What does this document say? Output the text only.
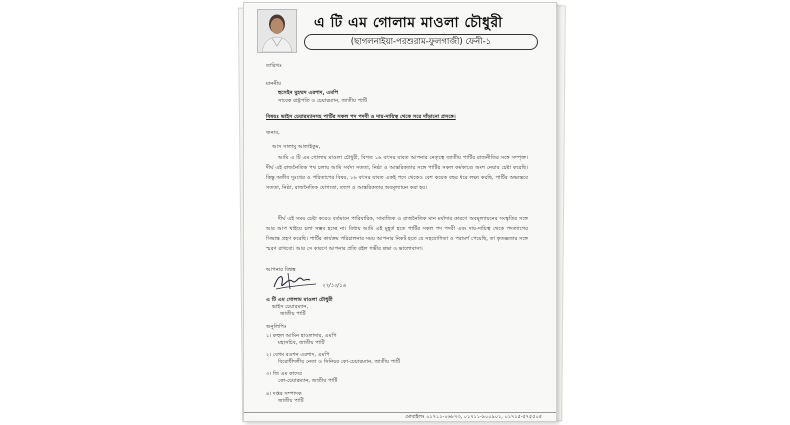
এ টি এম গোলাম মাওলা চৌধুরী
(ছাগলনাইয়া-পরশুরাম-ফুলগাজী) ফেনী-১
তারিখঃ
মাননীয়
হুসেইন মুহম্মদ এরশাদ, এমপি
সাবেক রাষ্ট্রপতি ও চেয়ারম্যান, জাতীয় পার্টি
বিষয়ঃ ভাইস চেয়ারম্যানসহ পার্টির সকল পদ পদবী ও দায়-দায়িত্ব থেকে সরে দাঁড়ানো প্রসঙ্গে।
জনাব,
আস সালামু আলাইকুম,
আমি এ টি এম গোলাম মাওলা চৌধুরী, বিগত ১৬ বৎসর যাবত আপনার নেতৃত্বে জাতীয় পার্টির রাজনীতির সঙ্গে সম্পৃক্ত। দীর্ঘ এই রাজনৈতিক পথ চলায় আমি সর্বদা সততা, নিষ্ঠা ও আন্তরিকতার সঙ্গে পার্টির সকল কর্মকাণ্ডে অংশ নেয়ার চেষ্টা করেছি। কিন্তু অতীব দুঃখের ও পরিতাপের বিষয়, ১৬ বৎসর যাবত একই পদে থেকেও বেশ কয়েক বছর ধরে লক্ষ্য করছি, পার্টির অভ্যন্তরে সততা, নিষ্ঠা, রাজনৈতিক যোগ্যতা, ত্যাগ ও আন্তরিকতার অবমূল্যায়ন করা হয়।
দীর্ঘ এই সময় চেষ্টা করেও বর্তমানে পারিবারিক, সামাজিক ও রাজনৈতিক মান মর্যাদার কারণে অবমূল্যায়নের সংস্কৃতির সঙ্গে আর আপ খাইয়ে চলা সম্ভব হচ্ছে না। বিধায় আমি এই মুহূর্ত হতে পার্টির সকল পদ পদবী এবং দায়-দায়িত্ব থেকে পদত্যাগের সিদ্ধান্ত গ্রহণ করেছি। পার্টির কার্যক্রম পরিচালনার সময় আপনার নিকট হতে যে সহযোগিতা ও পরামর্শ পেয়েছি, তা কৃতজ্ঞতার সঙ্গে স্মরণ রাখবো। আর সে কারণে আপনার প্রতি রইল গভীর শ্রদ্ধা ও ভালোবাসা।
আপনার বিশ্বস্ত
২৭/১০/১৬
এ টি এম গোলাম মাওলা চৌধুরী
ভাইস চেয়ারম্যান,
জাতীয় পার্টি
অনুলিপিঃ
১। রুহুল আমিন হাওলাদার, এমপি
মহাসচিব, জাতীয় পার্টি
২। বেগম রওশন এরশাদ, এমপি
বিরোধীদলীয় নেতা ও সিনিয়র কো-চেয়ারম্যান, জাতীয় পার্টি
৩। জি এম কাদের
কো-চেয়ারম্যান, জাতীয় পার্টি
৪। দপ্তর সম্পাদক
জাতীয় পার্টি
মোবাইলঃ ০১৭১১-০৬৮৭৩, ০১৭১১-৯০০৯০১, ০১৭১৫-৫৭৫৫০৫
